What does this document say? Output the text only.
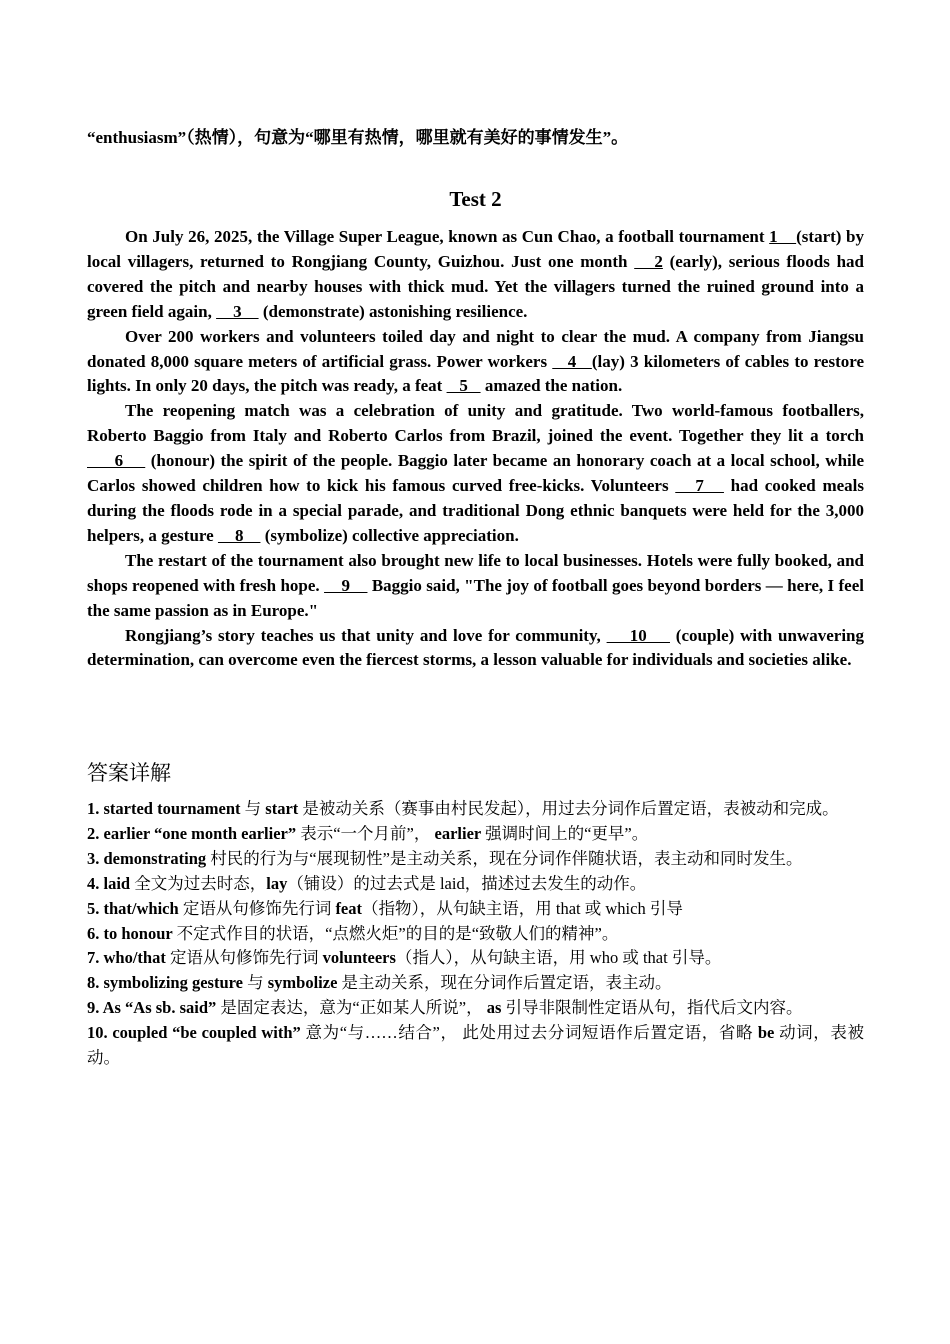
“enthusiasm”（热情），句意为“哪里有热情，哪里就有美好的事情发生”。
Test 2

On July 26, 2025, the Village Super League, known as Cun Chao, a football tournament 1    (start) by local villagers, returned to Rongjiang County, Guizhou. Just one month    2 (early), serious floods had covered the pitch and nearby houses with thick mud. Yet the villagers turned the ruined ground into a green field again,     3     (demonstrate) astonishing resilience.

Over 200 workers and volunteers toiled day and night to clear the mud. A company from Jiangsu donated 8,000 square meters of artificial grass. Power workers    4   (lay) 3 kilometers of cables to restore lights. In only 20 days, the pitch was ready, a feat    5    amazed the nation.

The reopening match was a celebration of unity and gratitude. Two world-famous footballers, Roberto Baggio from Italy and Roberto Carlos from Brazil, joined the event. Together they lit a torch      6     (honour) the spirit of the people. Baggio later became an honorary coach at a local school, while Carlos showed children how to kick his famous curved free-kicks. Volunteers    7    had cooked meals during the floods rode in a special parade, and traditional Dong ethnic banquets were held for the 3,000 helpers, a gesture     8     (symbolize) collective appreciation.

The restart of the tournament also brought new life to local businesses. Hotels were fully booked, and shops reopened with fresh hope.     9     Baggio said, "The joy of football goes beyond borders — here, I feel the same passion as in Europe."

Rongjiang’s story teaches us that unity and love for community,     10     (couple) with unwavering determination, can overcome even the fiercest storms, a lesson valuable for individuals and societies alike.

答案详解
1. started tournament 与 start 是被动关系（赛事由村民发起），用过去分词作后置定语，表被动和完成。
2. earlier “one month earlier” 表示“一个月前”， earlier 强调时间上的“更早”。
3. demonstrating 村民的行为与“展现韧性”是主动关系，现在分词作伴随状语，表主动和同时发生。
4. laid 全文为过去时态，lay（铺设）的过去式是 laid，描述过去发生的动作。
5. that/which 定语从句修饰先行词 feat（指物），从句缺主语，用 that 或 which 引导
6. to honour 不定式作目的状语，“点燃火炬”的目的是“致敬人们的精神”。
7. who/that 定语从句修饰先行词 volunteers（指人），从句缺主语，用 who 或 that 引导。
8. symbolizing gesture 与 symbolize 是主动关系，现在分词作后置定语，表主动。
9. As “As sb. said” 是固定表达，意为“正如某人所说”， as 引导非限制性定语从句，指代后文内容。
10. coupled “be coupled with” 意为“与……结合”， 此处用过去分词短语作后置定语，省略 be 动词，表被动。
